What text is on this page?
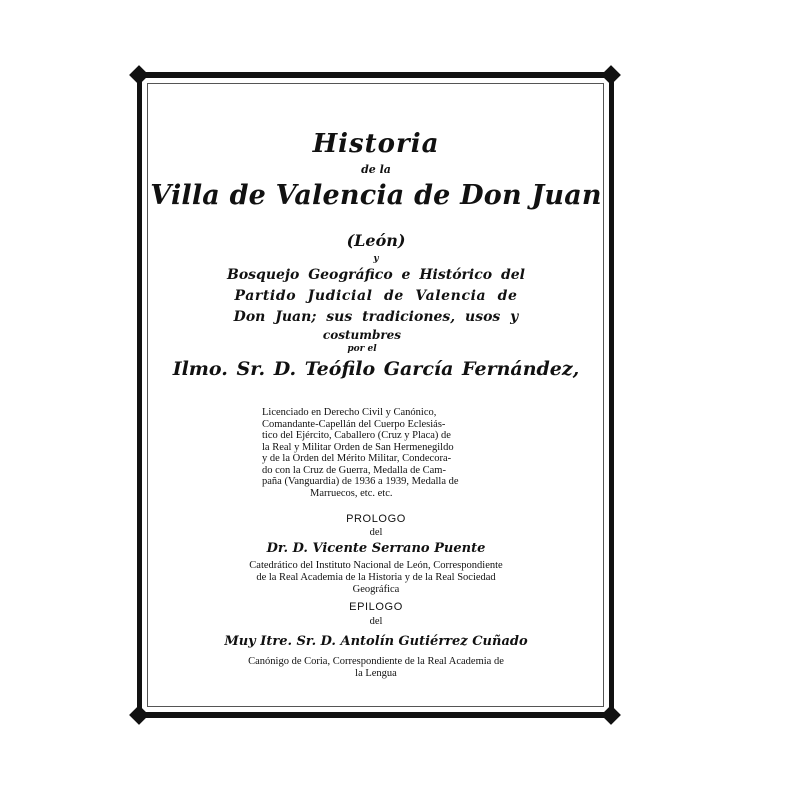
Historia
de la
Villa de Valencia de Don Juan
(León)
y
Bosquejo Geográfico e Histórico del
Partido Judicial de Valencia de
Don Juan; sus tradiciones, usos y
costumbres
por el
Ilmo. Sr. D. Teófilo García Fernández,
Licenciado en Derecho Civil y Canónico,
Comandante-Capellán del Cuerpo Eclesiás-
tico del Ejército, Caballero (Cruz y Placa) de
la Real y Militar Orden de San Hermenegildo
y de la Orden del Mérito Militar, Condecora-
do con la Cruz de Guerra, Medalla de Cam-
paña (Vanguardia) de 1936 a 1939, Medalla de
Marruecos, etc. etc.
PROLOGO
del
Dr. D. Vicente Serrano Puente
Catedrático del Instituto Nacional de León, Correspondiente
de la Real Academia de la Historia y de la Real Sociedad
Geográfica
EPILOGO
del
Muy Itre. Sr. D. Antolín Gutiérrez Cuñado
Canónigo de Coria, Correspondiente de la Real Academia de
la Lengua
